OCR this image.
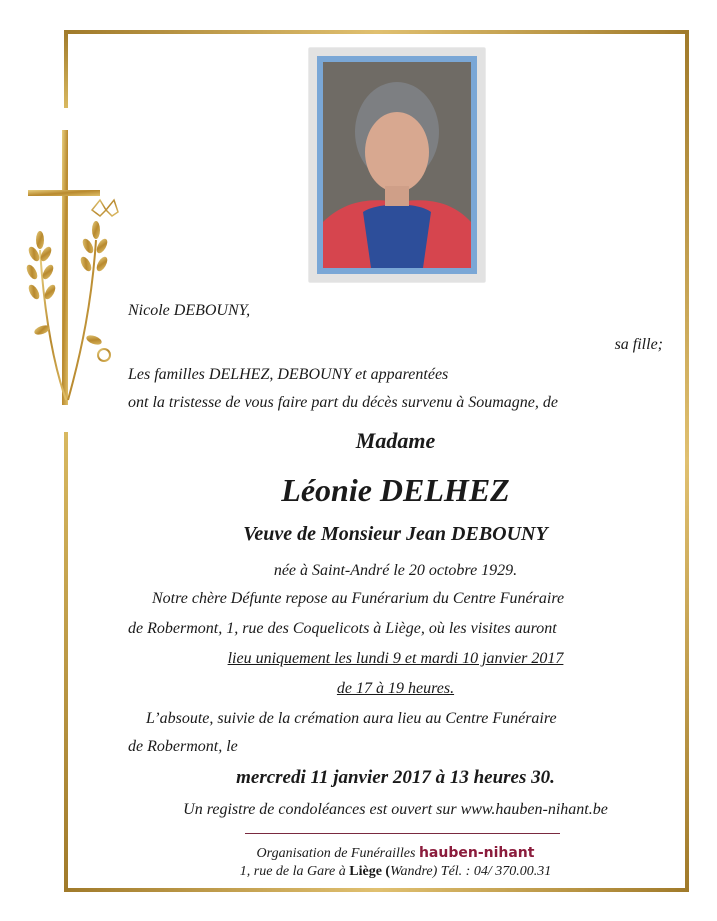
Nicole DEBOUNY,
sa fille;
Les familles DELHEZ, DEBOUNY et apparentées
ont la tristesse de vous faire part du décès survenu à Soumagne, de
Madame
Léonie DELHEZ
Veuve de Monsieur Jean DEBOUNY
née à Saint-André le 20 octobre 1929.
Notre chère Défunte repose au Funérarium du Centre Funéraire
de Robermont, 1, rue des Coquelicots à Liège, où les visites auront
lieu uniquement les lundi 9 et mardi 10 janvier 2017
de 17 à 19 heures.
L’absoute, suivie de la crémation aura lieu au Centre Funéraire
de Robermont, le
mercredi 11 janvier 2017 à 13 heures 30.
Un registre de condoléances est ouvert sur www.hauben-nihant.be
Organisation de Funérailles hauben-nihant
1, rue de la Gare à Liège (Wandre) Tél. : 04/ 370.00.31
